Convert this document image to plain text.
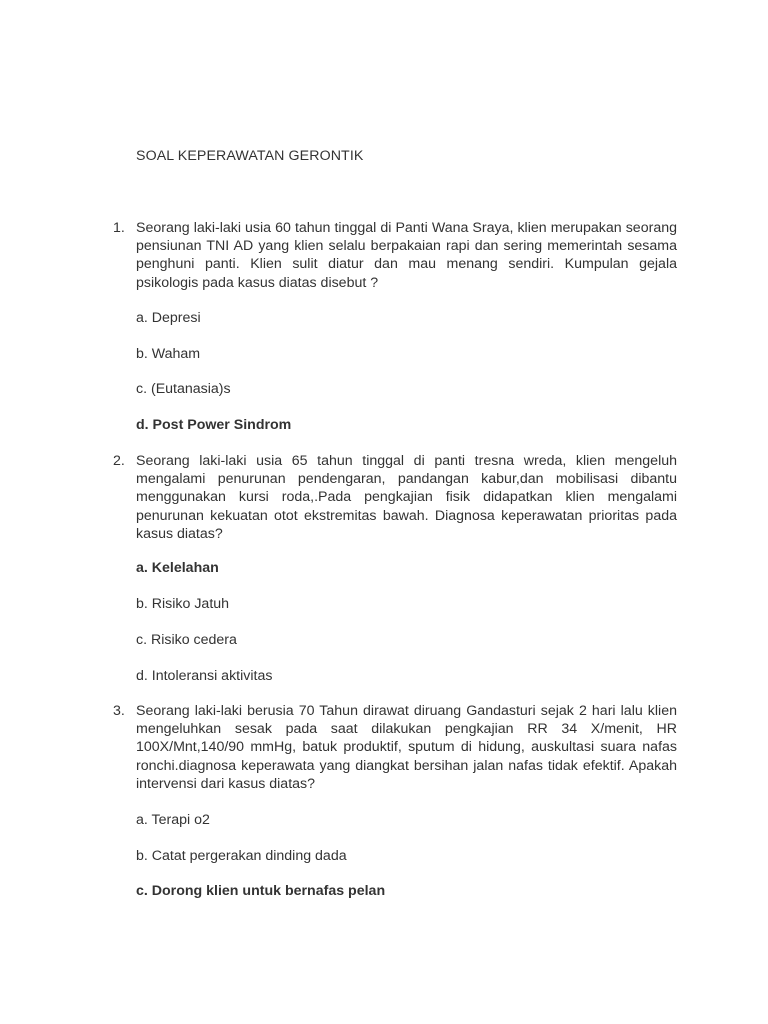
SOAL KEPERAWATAN GERONTIK
1. Seorang laki-laki usia 60 tahun tinggal di Panti Wana Sraya, klien merupakan seorang pensiunan TNI AD yang klien selalu berpakaian rapi dan sering memerintah sesama penghuni panti. Klien sulit diatur dan mau menang sendiri. Kumpulan gejala psikologis pada kasus diatas disebut ?
a. Depresi
b. Waham
c. (Eutanasia)s
d. Post Power Sindrom
2. Seorang laki-laki usia 65 tahun tinggal di panti tresna wreda, klien mengeluh mengalami penurunan pendengaran, pandangan kabur,dan mobilisasi dibantu menggunakan kursi roda,.Pada pengkajian fisik didapatkan klien mengalami penurunan kekuatan otot ekstremitas bawah. Diagnosa keperawatan prioritas pada kasus diatas?
a. Kelelahan
b. Risiko Jatuh
c. Risiko cedera
d. Intoleransi aktivitas
3. Seorang laki-laki berusia 70 Tahun dirawat diruang Gandasturi sejak 2 hari lalu klien mengeluhkan sesak pada saat dilakukan pengkajian RR 34 X/menit, HR 100X/Mnt,140/90 mmHg, batuk produktif, sputum di hidung, auskultasi suara nafas ronchi.diagnosa keperawata yang diangkat bersihan jalan nafas tidak efektif. Apakah intervensi dari kasus diatas?
a. Terapi o2
b. Catat pergerakan dinding dada
c. Dorong klien untuk bernafas pelan
